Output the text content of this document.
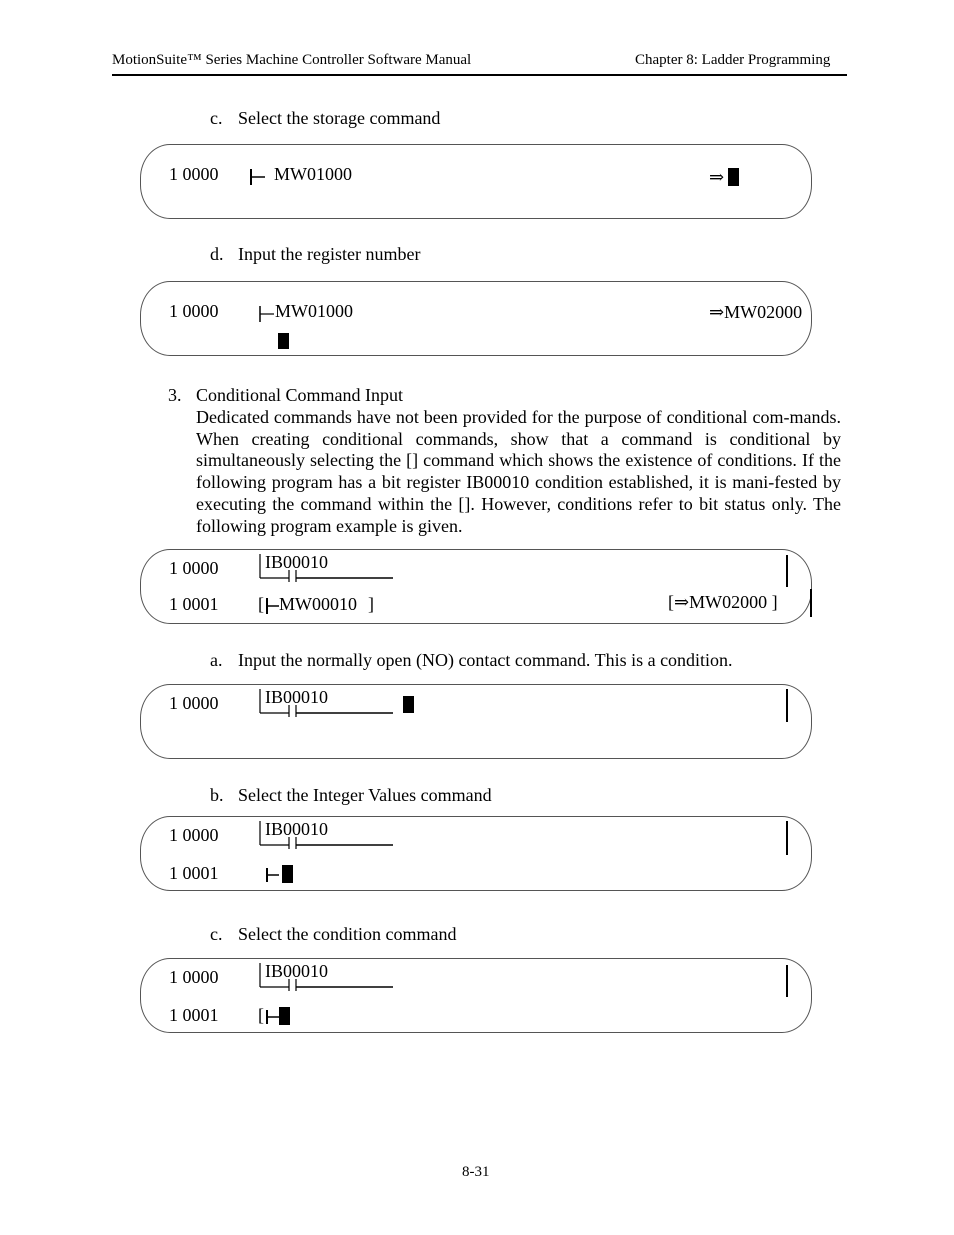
MotionSuite™ Series Machine Controller Software Manual	Chapter 8: Ladder Programming
c. Select the storage command
1 0000	MW01000	⇒
d. Input the register number
1 0000	MW01000	⇒MW02000
3. Conditional Command Input
Dedicated commands have not been provided for the purpose of conditional com-mands. When creating conditional commands, show that a command is conditional by simultaneously selecting the [] command which shows the existence of conditions. If the following program has a bit register IB00010 condition established, it is mani-fested by executing the command within the []. However, conditions refer to bit status only. The following program example is given.
1 0000	IB00010
1 0001 [ MW00010 ]	[⇒MW02000 ]
a. Input the normally open (NO) contact command. This is a condition.
1 0000	IB00010
b. Select the Integer Values command
1 0000	IB00010
1 0001
c. Select the condition command
1 0000	IB00010
1 0001 [
8-31
